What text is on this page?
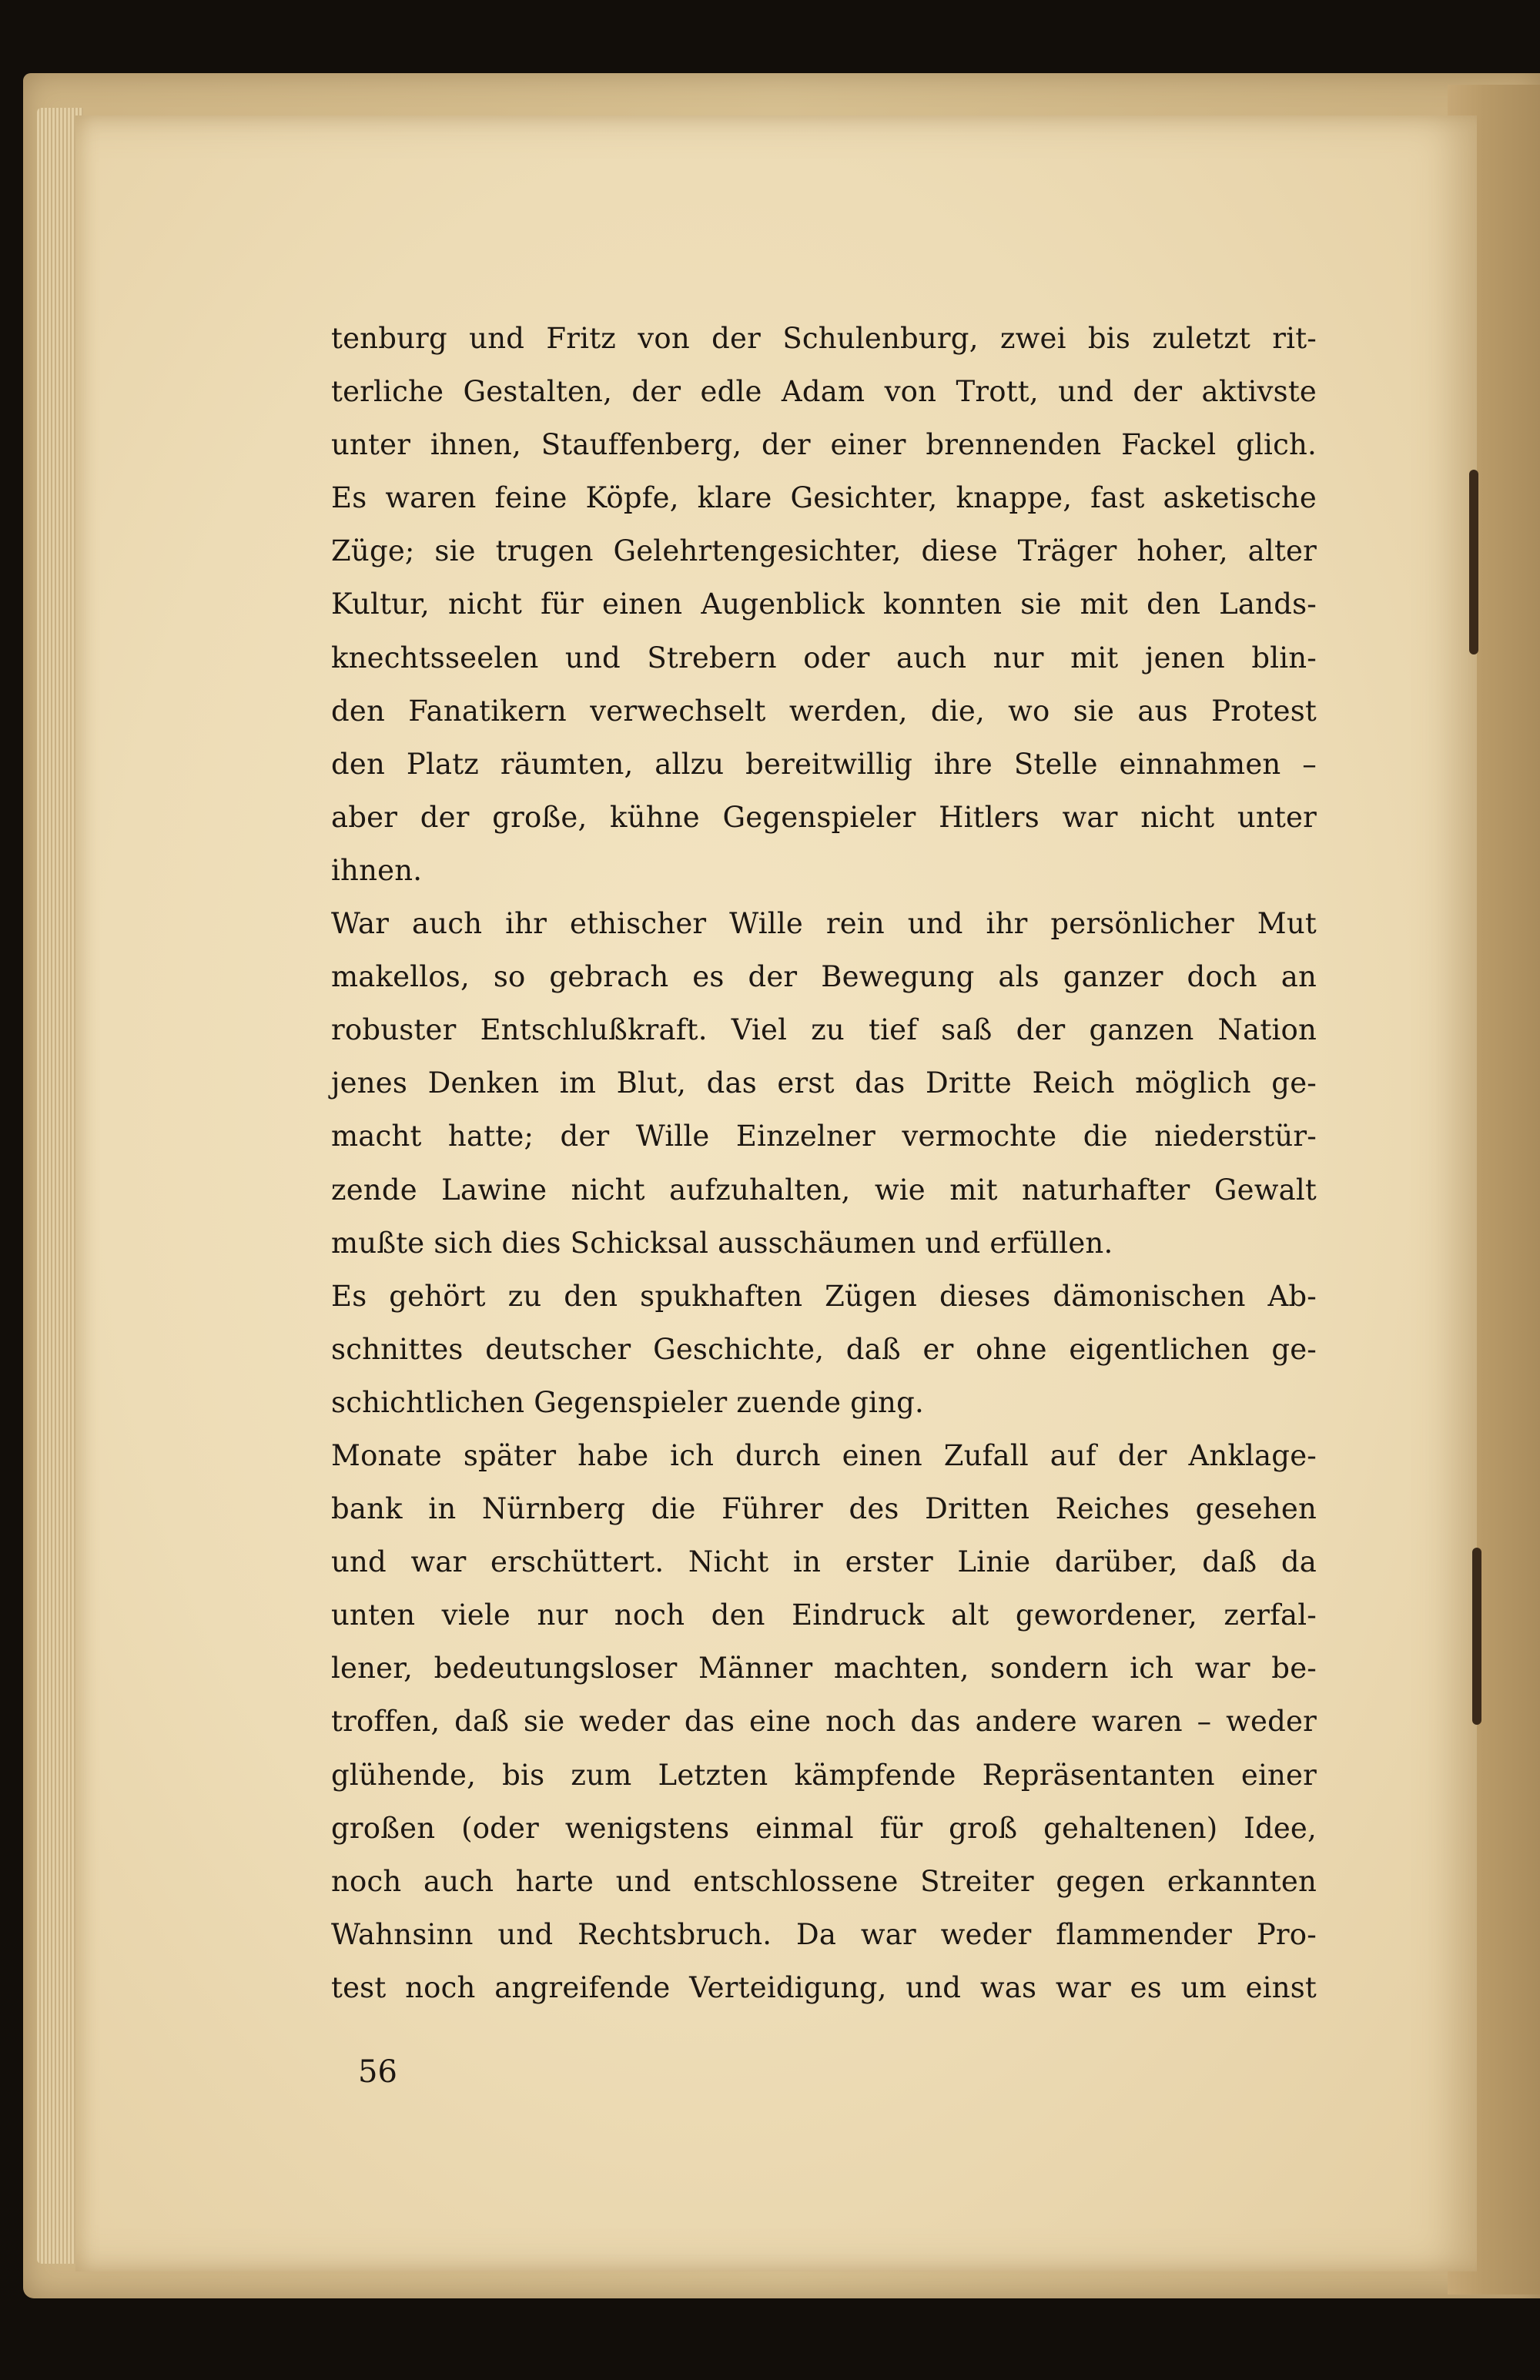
tenburg und Fritz von der Schulenburg, zwei bis zuletzt rit-
terliche Gestalten, der edle Adam von Trott, und der aktivste
unter ihnen, Stauffenberg, der einer brennenden Fackel glich.
Es waren feine Köpfe, klare Gesichter, knappe, fast asketische
Züge; sie trugen Gelehrtengesichter, diese Träger hoher, alter
Kultur, nicht für einen Augenblick konnten sie mit den Lands-
knechtsseelen und Strebern oder auch nur mit jenen blin-
den Fanatikern verwechselt werden, die, wo sie aus Protest
den Platz räumten, allzu bereitwillig ihre Stelle einnahmen –
aber der große, kühne Gegenspieler Hitlers war nicht unter
ihnen.
War auch ihr ethischer Wille rein und ihr persönlicher Mut
makellos, so gebrach es der Bewegung als ganzer doch an
robuster Entschlußkraft. Viel zu tief saß der ganzen Nation
jenes Denken im Blut, das erst das Dritte Reich möglich ge-
macht hatte; der Wille Einzelner vermochte die niederstür-
zende Lawine nicht aufzuhalten, wie mit naturhafter Gewalt
mußte sich dies Schicksal ausschäumen und erfüllen.
Es gehört zu den spukhaften Zügen dieses dämonischen Ab-
schnittes deutscher Geschichte, daß er ohne eigentlichen ge-
schichtlichen Gegenspieler zuende ging.
Monate später habe ich durch einen Zufall auf der Anklage-
bank in Nürnberg die Führer des Dritten Reiches gesehen
und war erschüttert. Nicht in erster Linie darüber, daß da
unten viele nur noch den Eindruck alt gewordener, zerfal-
lener, bedeutungsloser Männer machten, sondern ich war be-
troffen, daß sie weder das eine noch das andere waren – weder
glühende, bis zum Letzten kämpfende Repräsentanten einer
großen (oder wenigstens einmal für groß gehaltenen) Idee,
noch auch harte und entschlossene Streiter gegen erkannten
Wahnsinn und Rechtsbruch. Da war weder flammender Pro-
test noch angreifende Verteidigung, und was war es um einst
56
